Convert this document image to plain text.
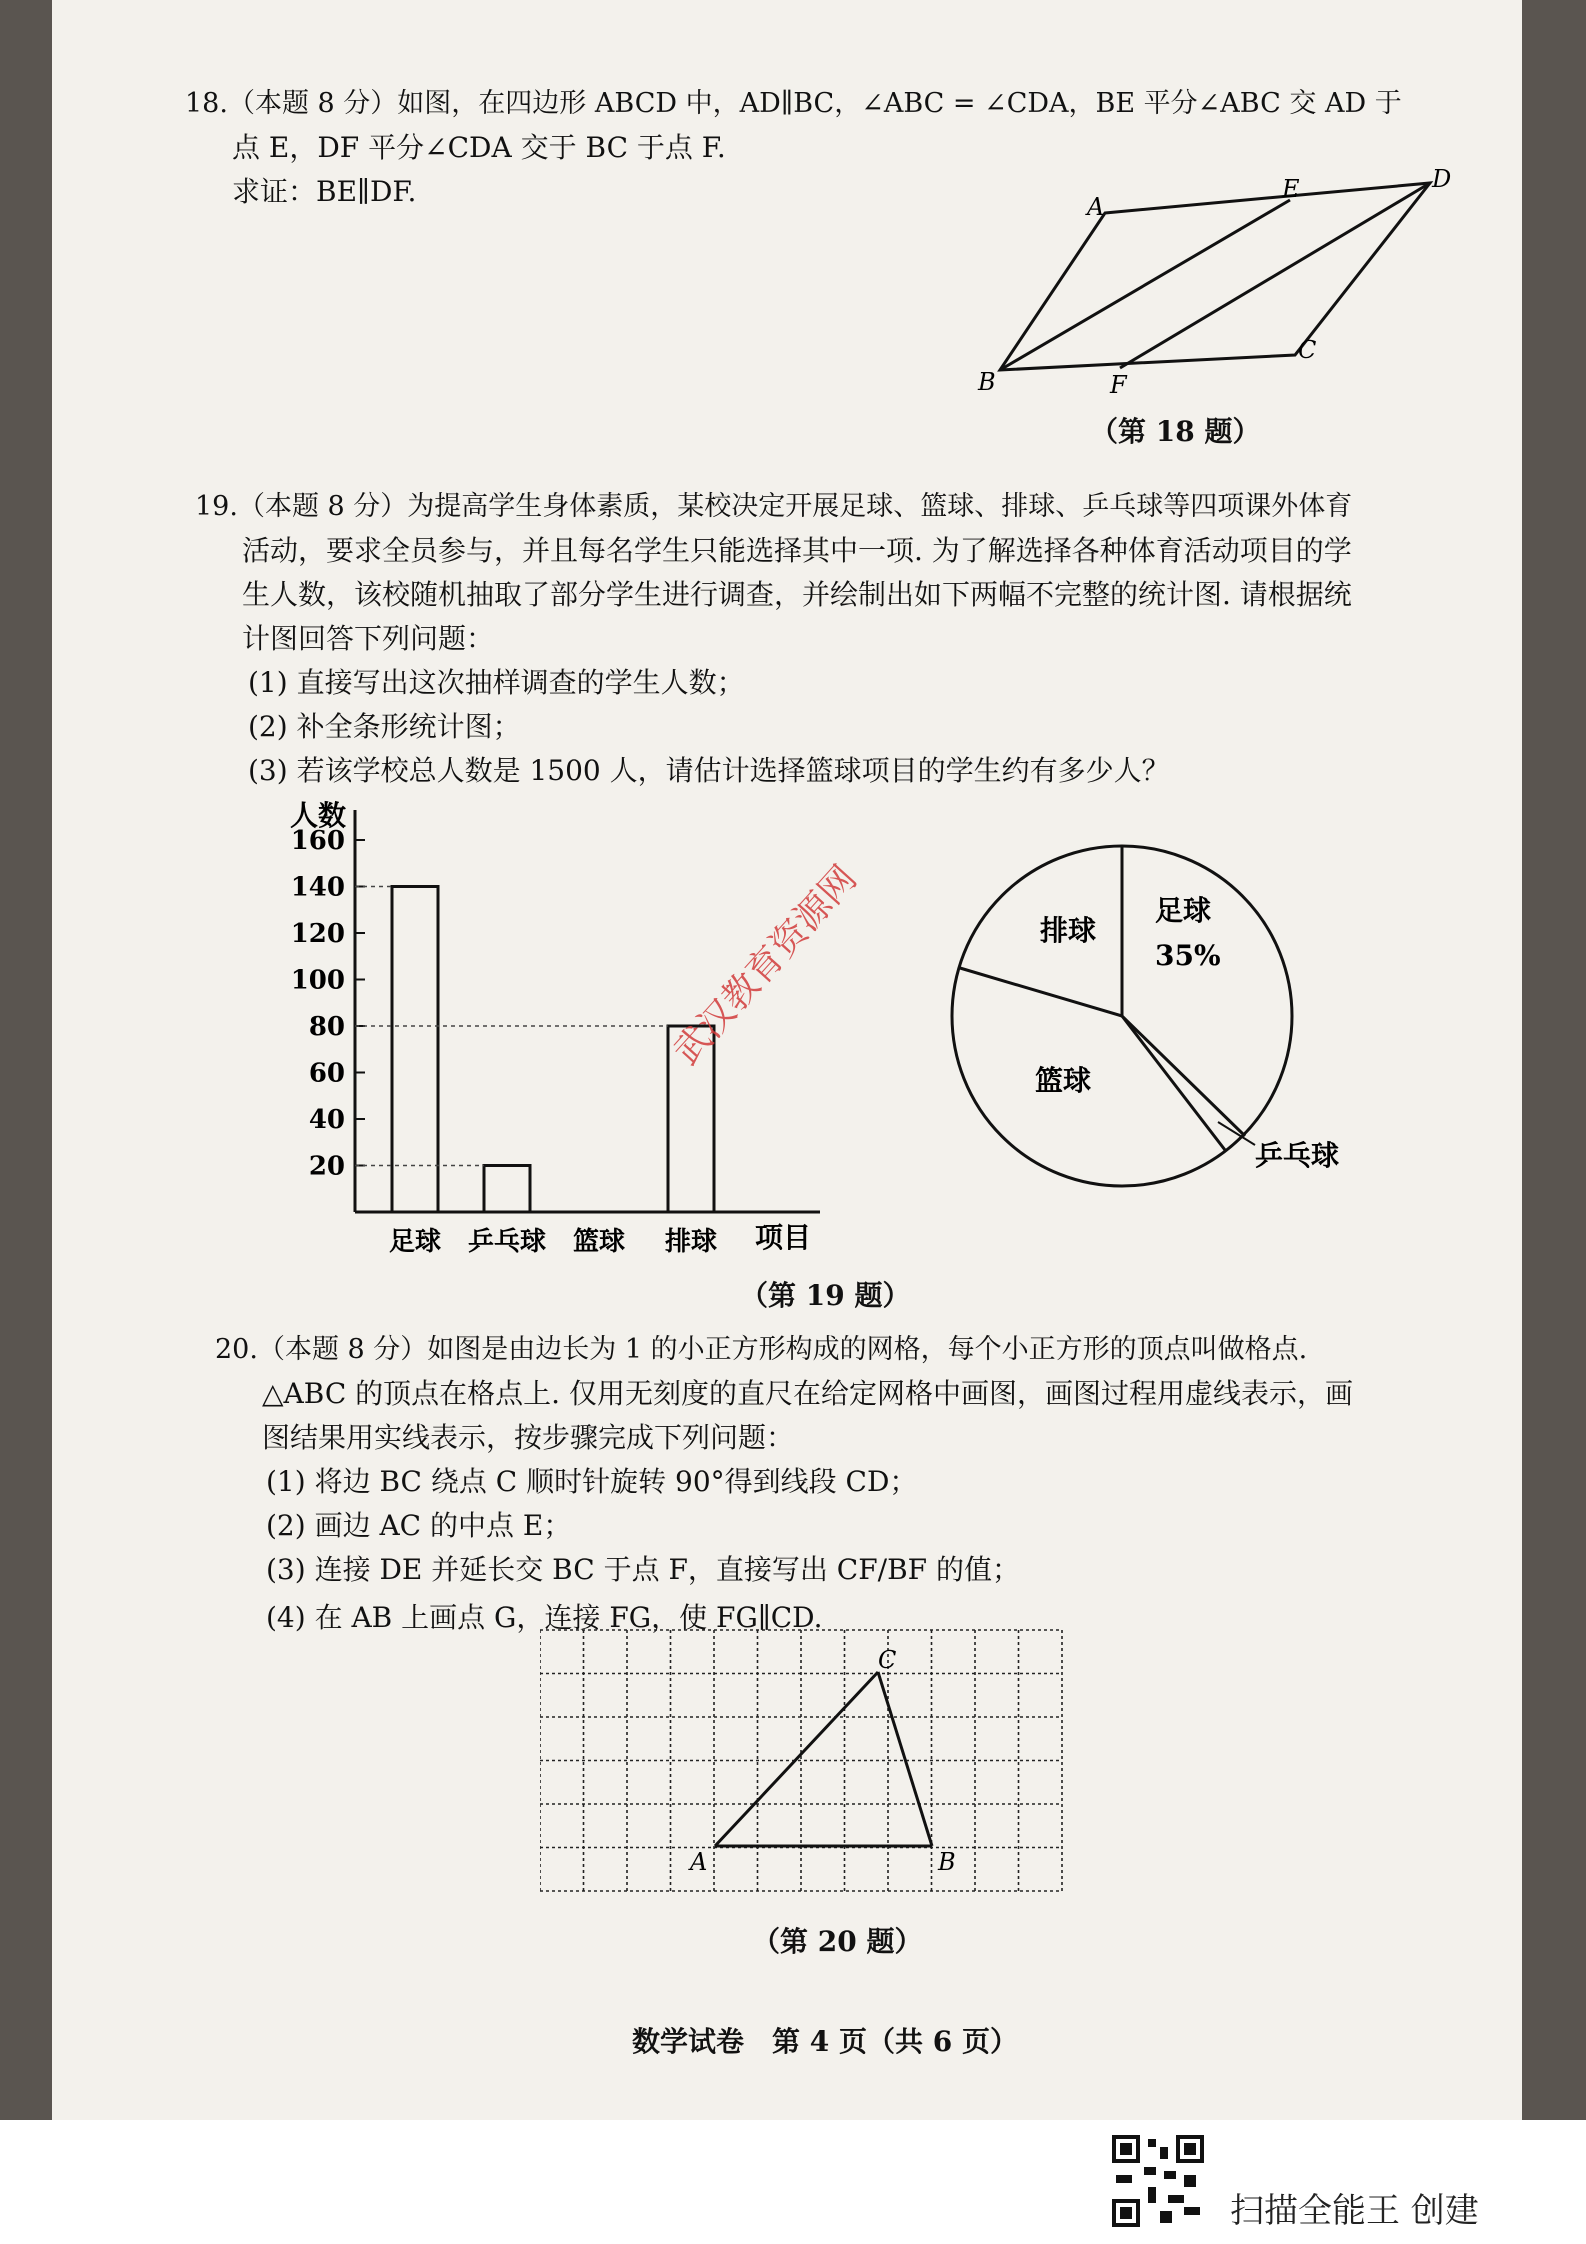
18.（本题 8 分）如图，在四边形 ABCD 中，AD∥BC，∠ABC = ∠CDA，BE 平分∠ABC 交 AD 于
点 E，DF 平分∠CDA 交于 BC 于点 F.
求证：BE∥DF.	A
B
C
D
E
F
（第 18 题）
19.（本题 8 分）为提高学生身体素质，某校决定开展足球、篮球、排球、乒乓球等四项课外体育
活动，要求全员参与，并且每名学生只能选择其中一项. 为了解选择各种体育活动项目的学
生人数，该校随机抽取了部分学生进行调查，并绘制出如下两幅不完整的统计图. 请根据统
计图回答下列问题：
(1) 直接写出这次抽样调查的学生人数；
(2) 补全条形统计图；
(3) 若该学校总人数是 1500 人，请估计选择篮球项目的学生约有多少人？
人数
项目
20
40
60
80
100
120
140
160
足球 乒乓球 篮球 排球
排球
足球
35%
篮球
乒乓球
（第 19 题）
武汉教育资源网
20.（本题 8 分）如图是由边长为 1 的小正方形构成的网格，每个小正方形的顶点叫做格点.
△ABC 的顶点在格点上. 仅用无刻度的直尺在给定网格中画图，画图过程用虚线表示，画
图结果用实线表示，按步骤完成下列问题：
(1) 将边 BC 绕点 C 顺时针旋转 90°得到线段 CD；
(2) 画边 AC 的中点 E；
(3) 连接 DE 并延长交 BC 于点 F，直接写出 CF/BF 的值；
(4) 在 AB 上画点 G，连接 FG，使 FG∥CD.
A	B
C
（第 20 题）
数学试卷　第 4 页（共 6 页）
扫描全能王 创建
